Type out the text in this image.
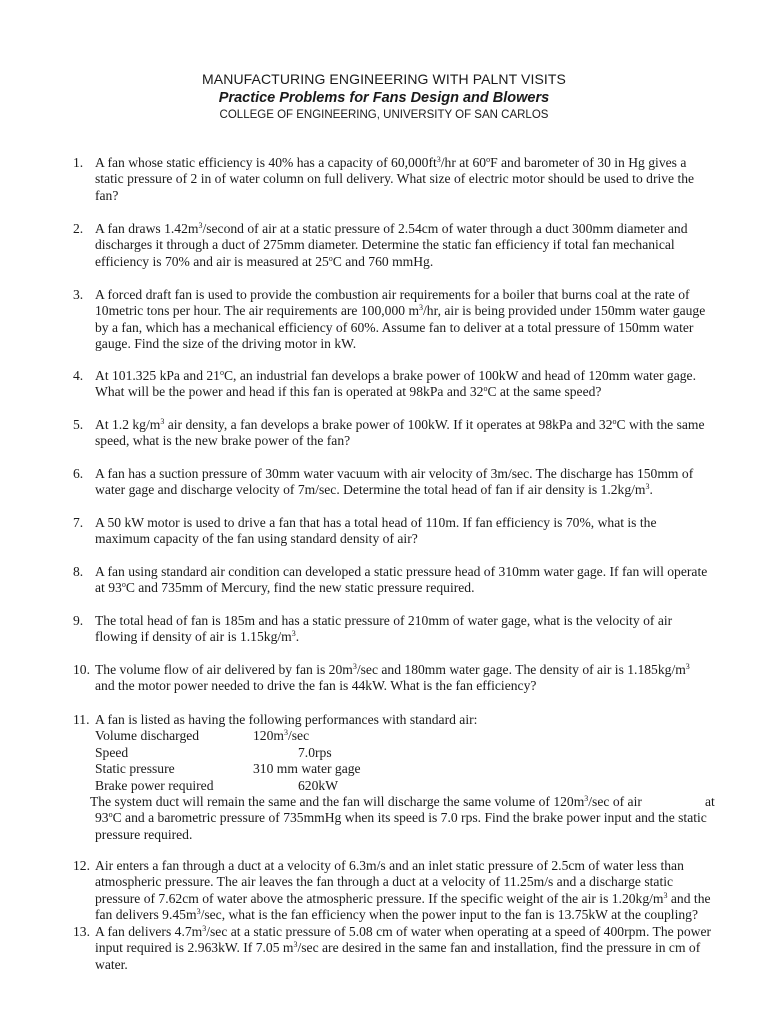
MANUFACTURING ENGINEERING WITH PALNT VISITS
Practice Problems for Fans Design and Blowers
COLLEGE OF ENGINEERING, UNIVERSITY OF SAN CARLOS
1. A fan whose static efficiency is 40% has a capacity of $60,000ft^3/hr$ at 60$^o$F and barometer of 30 in Hg gives a
static pressure of 2 in of water column on full delivery. What size of electric motor should be used to drive the
fan?
2. A fan draws $1.42m^3$/second of air at a static pressure of 2.54cm of water through a duct 300mm diameter and
discharges it through a duct of 275mm diameter. Determine the static fan efficiency if total fan mechanical
efficiency is 70% and air is measured at 25$^o$C and 760 mmHg.
3. A forced draft fan is used to provide the combustion air requirements for a boiler that burns coal at the rate of
10metric tons per hour. The air requirements are 100,000 $m^3/hr$, air is being provided under 150mm water gauge
by a fan, which has a mechanical efficiency of 60%. Assume fan to deliver at a total pressure of 150mm water
gauge. Find the size of the driving motor in kW.
4. At 101.325 kPa and 21$^o$C, an industrial fan develops a brake power of 100kW and head of 120mm water gage.
What will be the power and head if this fan is operated at 98kPa and 32$^o$C at the same speed?
5. At 1.2 $kg/m^3$ air density, a fan develops a brake power of 100kW. If it operates at 98kPa and 32$^o$C with the same
speed, what is the new brake power of the fan?
6. A fan has a suction pressure of 30mm water vacuum with air velocity of 3m/sec. The discharge has 150mm of
water gage and discharge velocity of 7m/sec. Determine the total head of fan if air density is $1.2kg/m^3$.
7. A 50 kW motor is used to drive a fan that has a total head of 110m. If fan efficiency is 70%, what is the
maximum capacity of the fan using standard density of air?
8. A fan using standard air condition can developed a static pressure head of 310mm water gage. If fan will operate
at 93$^o$C and 735mm of Mercury, find the new static pressure required.
9. The total head of fan is 185m and has a static pressure of 210mm of water gage, what is the velocity of air
flowing if density of air is $1.15kg/m^3$.
10. The volume flow of air delivered by fan is $20m^3/\sec$ and 180mm water gage. The density of air is $1.185kg/m^3$
and the motor power needed to drive the fan is 44kW. What is the fan efficiency?
11. A fan is listed as having the following performances with standard air:
12. Air enters a fan through a duct at a velocity of 6.3m/s and an inlet static pressure of 2.5cm of water less than
atmospheric pressure. The air leaves the fan through a duct at a velocity of 11.25m/s and a discharge static
pressure of 7.62cm of water above the atmospheric pressure. If the specific weight of the air is $1.20kg/m^3$ and the
fan delivers $9.45m^3/\sec$, what is the fan efficiency when the power input to the fan is 13.75kW at the coupling?
13. A fan delivers $4.7m^3/\sec$ at a static pressure of 5.08 cm of water when operating at a speed of 400rpm. The power
input required is 2.963kW. If 7.05 $m^3/\sec$ are desired in the same fan and installation, find the pressure in cm of
water.
Volume discharged	$120m^3/\sec$
Speed	7.0rps
Static pressure	310 mm water gage
Brake power required	620kW
The system duct will remain the same and the fan will discharge the same volume of $120m^3/\sec$ of air	at
93$^o$C and a barometric pressure of 735mmHg when its speed is 7.0 rps. Find the brake power input and the static
pressure required.
